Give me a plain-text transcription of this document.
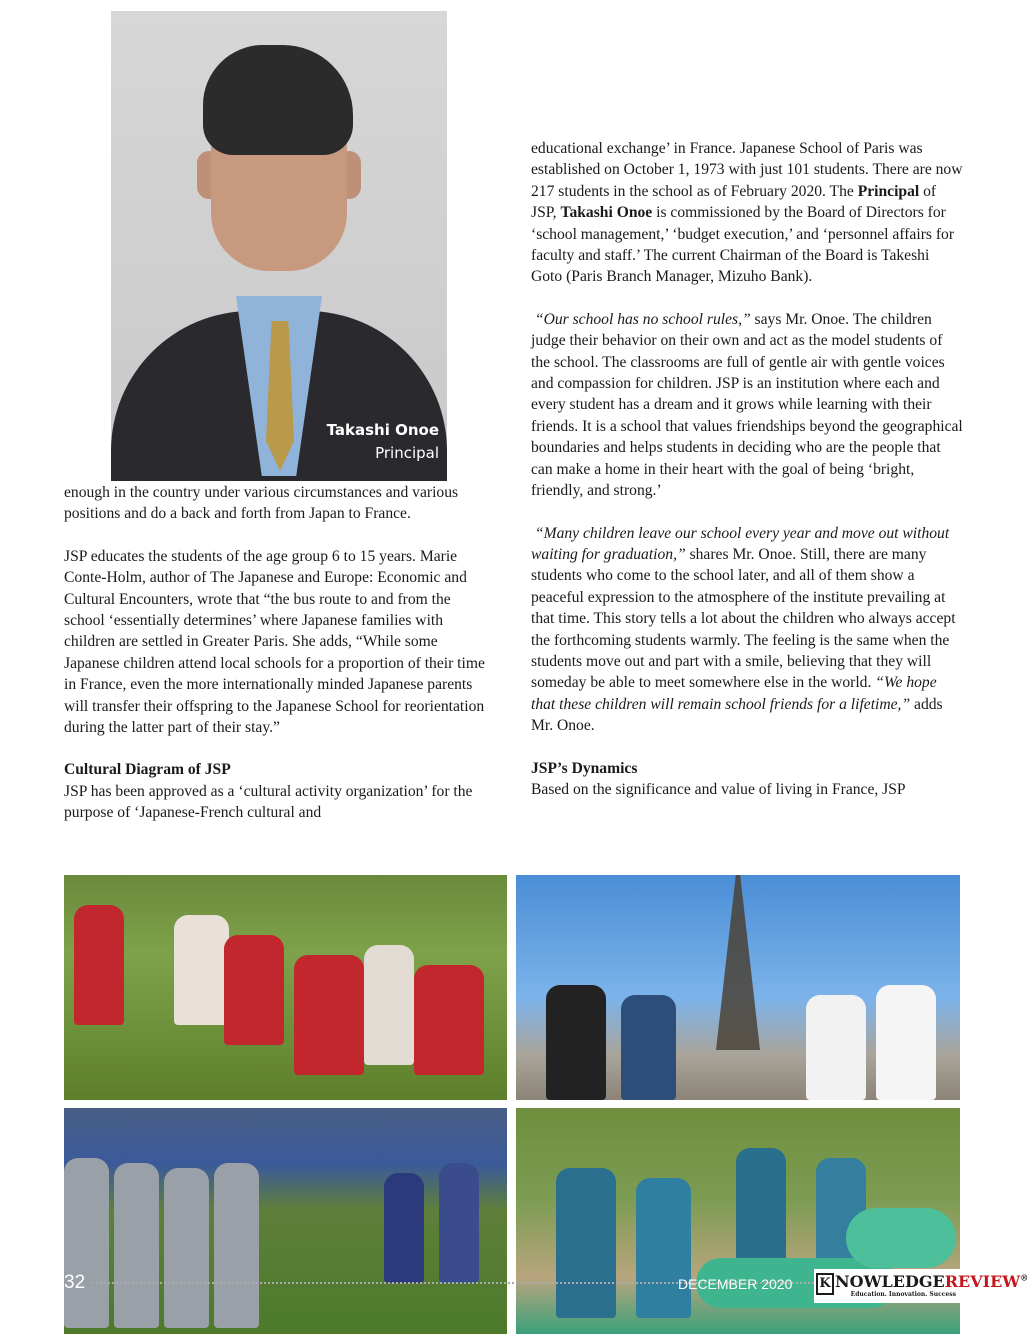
Takashi Onoe
Principal

enough in the country under various circumstances and various positions and do a back and forth from Japan to France.

JSP educates the students of the age group 6 to 15 years. Marie Conte-Holm, author of The Japanese and Europe: Economic and Cultural Encounters, wrote that “the bus route to and from the school ‘essentially determines’ where Japanese families with children are settled in Greater Paris. She adds, “While some Japanese children attend local schools for a proportion of their time in France, even the more internationally minded Japanese parents will transfer their offspring to the Japanese School for reorientation during the latter part of their stay.”

Cultural Diagram of JSP
JSP has been approved as a ‘cultural activity organization’ for the purpose of ‘Japanese-French cultural and

educational exchange’ in France. Japanese School of Paris was established on October 1, 1973 with just 101 students. There are now 217 students in the school as of February 2020. The Principal of JSP, Takashi Onoe is commissioned by the Board of Directors for ‘school management,’ ‘budget execution,’ and ‘personnel affairs for faculty and staff.’ The current Chairman of the Board is Takeshi Goto (Paris Branch Manager, Mizuho Bank).

“Our school has no school rules,” says Mr. Onoe. The children judge their behavior on their own and act as the model students of the school. The classrooms are full of gentle air with gentle voices and compassion for children. JSP is an institution where each and every student has a dream and it grows while learning with their friends. It is a school that values friendships beyond the geographical boundaries and helps students in deciding who are the people that can make a home in their heart with the goal of being ‘bright, friendly, and strong.’

“Many children leave our school every year and move out without waiting for graduation,” shares Mr. Onoe. Still, there are many students who come to the school later, and all of them show a peaceful expression to the atmosphere of the institute prevailing at that time. This story tells a lot about the children who always accept the forthcoming students warmly. The feeling is the same when the students move out and part with a smile, believing that they will someday be able to meet somewhere else in the world. “We hope that these children will remain school friends for a lifetime,” adds Mr. Onoe.

JSP’s Dynamics
Based on the significance and value of living in France, JSP

32	DECEMBER 2020 K NOWLEDGEREVIEW®
Education. Innovation. Success
